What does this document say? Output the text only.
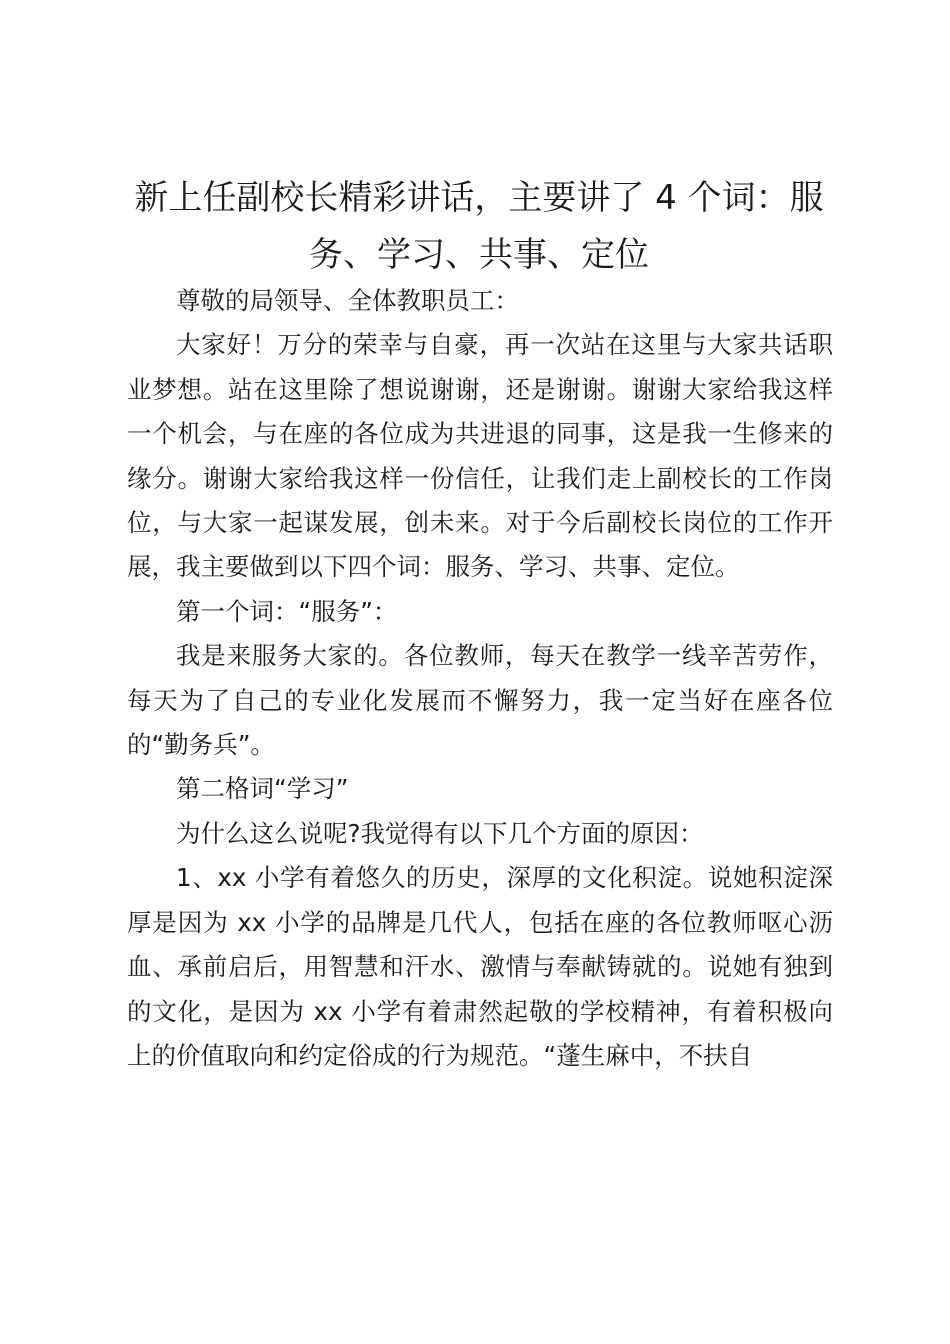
新上任副校长精彩讲话，主要讲了 4 个词：服务、学习、共事、定位

尊敬的局领导、全体教职员工：

大家好！万分的荣幸与自豪，再一次站在这里与大家共话职业梦想。站在这里除了想说谢谢，还是谢谢。谢谢大家给我这样一个机会，与在座的各位成为共进退的同事，这是我一生修来的缘分。谢谢大家给我这样一份信任，让我们走上副校长的工作岗位，与大家一起谋发展，创未来。对于今后副校长岗位的工作开展，我主要做到以下四个词：服务、学习、共事、定位。

第一个词：“服务”：

我是来服务大家的。各位教师，每天在教学一线辛苦劳作，每天为了自己的专业化发展而不懈努力，我一定当好在座各位的“勤务兵”。

第二格词“学习”

为什么这么说呢?我觉得有以下几个方面的原因：

1、xx 小学有着悠久的历史，深厚的文化积淀。说她积淀深厚是因为 xx 小学的品牌是几代人，包括在座的各位教师呕心沥血、承前启后，用智慧和汗水、激情与奉献铸就的。说她有独到的文化，是因为 xx 小学有着肃然起敬的学校精神，有着积极向上的价值取向和约定俗成的行为规范。“蓬生麻中，不扶自
